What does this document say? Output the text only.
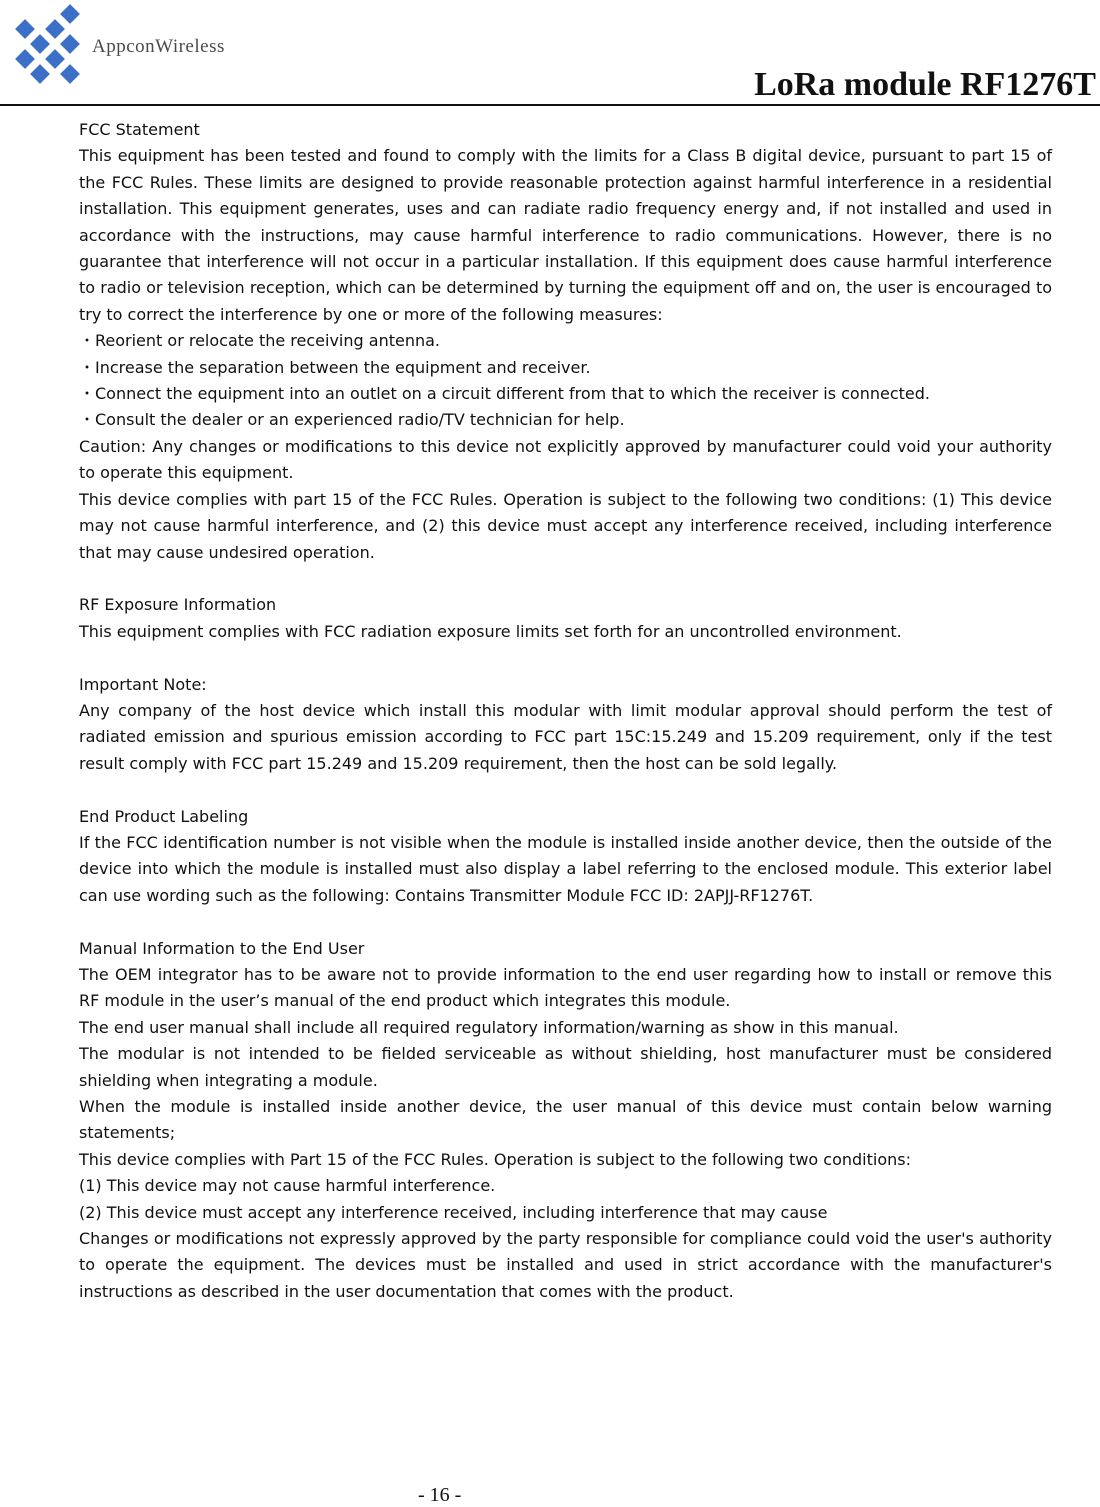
AppconWireless
LoRa module RF1276T

FCC Statement

This equipment has been tested and found to comply with the limits for a Class B digital device, pursuant to part 15 of the FCC Rules. These limits are designed to provide reasonable protection against harmful interference in a residential installation. This equipment generates, uses and can radiate radio frequency energy and, if not installed and used in accordance with the instructions, may cause harmful interference to radio communications. However, there is no guarantee that interference will not occur in a particular installation. If this equipment does cause harmful interference to radio or television reception, which can be determined by turning the equipment off and on, the user is encouraged to try to correct the interference by one or more of the following measures:

・Reorient or relocate the receiving antenna.

・Increase the separation between the equipment and receiver.

・Connect the equipment into an outlet on a circuit different from that to which the receiver is connected.

・Consult the dealer or an experienced radio/TV technician for help.

Caution: Any changes or modifications to this device not explicitly approved by manufacturer could void your authority to operate this equipment.

This device complies with part 15 of the FCC Rules. Operation is subject to the following two conditions: (1) This device may not cause harmful interference, and (2) this device must accept any interference received, including interference that may cause undesired operation.

RF Exposure Information

This equipment complies with FCC radiation exposure limits set forth for an uncontrolled environment.

Important Note:

Any company of the host device which install this modular with limit modular approval should perform the test of radiated emission and spurious emission according to FCC part 15C:15.249 and 15.209 requirement, only if the test result comply with FCC part 15.249 and 15.209 requirement, then the host can be sold legally.

End Product Labeling

If the FCC identification number is not visible when the module is installed inside another device, then the outside of the device into which the module is installed must also display a label referring to the enclosed module. This exterior label can use wording such as the following: Contains Transmitter Module FCC ID: 2APJJ-RF1276T.

Manual Information to the End User

The OEM integrator has to be aware not to provide information to the end user regarding how to install or remove this RF module in the user’s manual of the end product which integrates this module.

The end user manual shall include all required regulatory information/warning as show in this manual.

The modular is not intended to be fielded serviceable as without shielding, host manufacturer must be considered shielding when integrating a module.

When the module is installed inside another device, the user manual of this device must contain below warning statements;

This device complies with Part 15 of the FCC Rules. Operation is subject to the following two conditions:

(1) This device may not cause harmful interference.

(2) This device must accept any interference received, including interference that may cause

Changes or modifications not expressly approved by the party responsible for compliance could void the user's authority to operate the equipment. The devices must be installed and used in strict accordance with the manufacturer's instructions as described in the user documentation that comes with the product.

- 16 -
